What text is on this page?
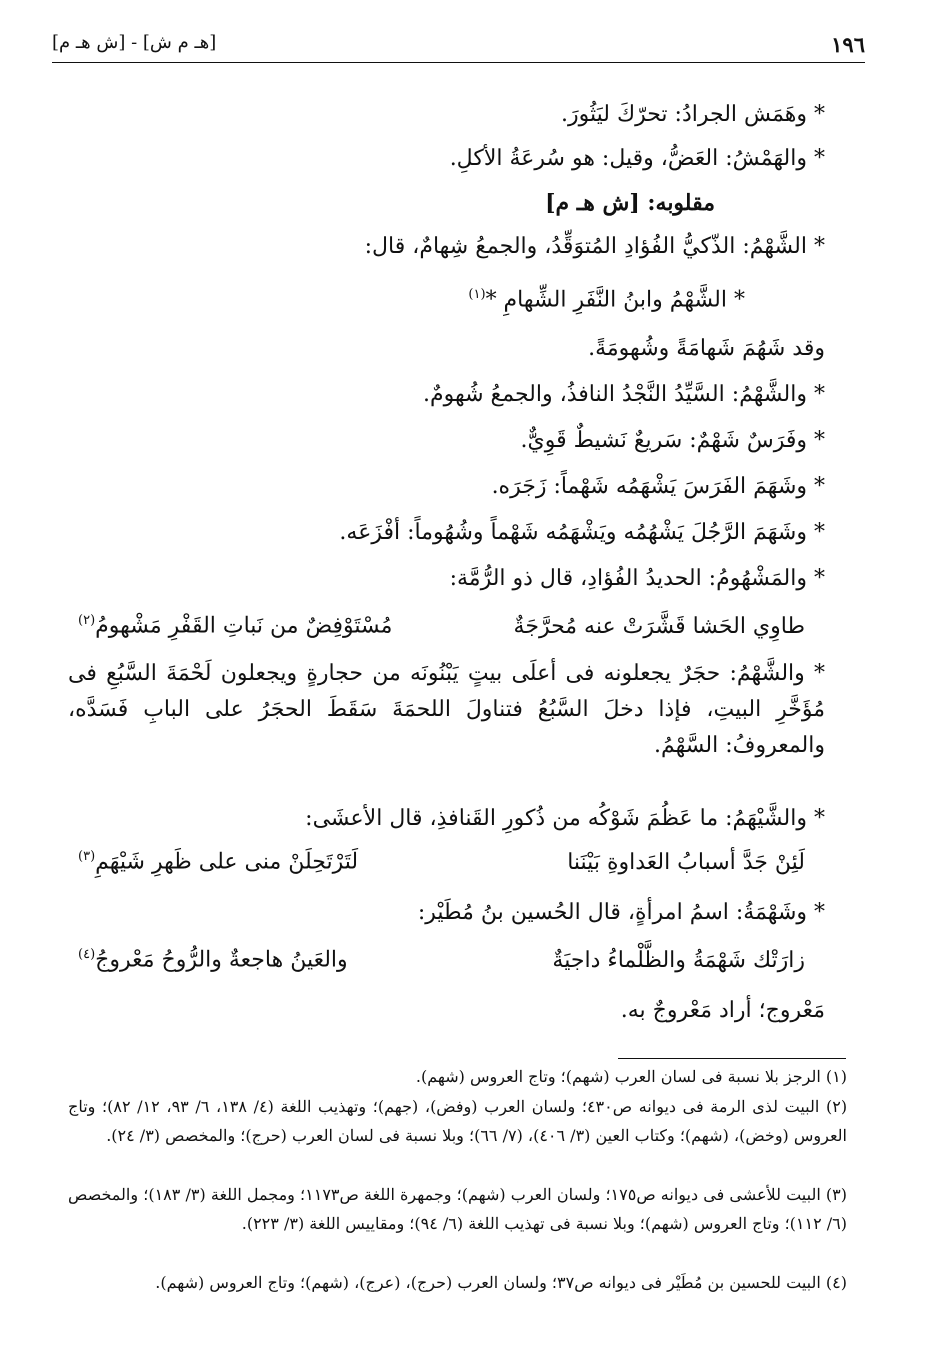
١٩٦
[هـ م ش] - [ش هـ م]
* وهَمَش الجرادُ: تحرّكَ ليَثُورَ.
* والهَمْشُ: العَضُّ، وقيل: هو سُرعَةُ الأكلِ.
مقلوبه: [ش هـ م]
* الشَّهْمُ: الذّكيُّ الفُؤادِ المُتوَقِّدُ، والجمعُ شِهامٌ، قال:
* الشَّهْمُ وابنُ النَّفَرِ الشِّهامِ *$^{(١)}$
وقد شَهُمَ شَهامَةً وشُهومَةً.
* والشَّهْمُ: السَّيِّدُ النَّجْدُ النافذُ، والجمعُ شُهومٌ.
* وفَرَسٌ شَهْمٌ: سَريعٌ نَشيطٌ قَوِيٌّ.
* وشَهَمَ الفَرَسَ يَشْهَمُه شَهْماً: زَجَرَه.
* وشَهَمَ الرَّجُلَ يَشْهُمُه ويَشْهَمُه شَهْماً وشُهُوماً: أفْزَعَه.
* والمَشْهُومُ: الحديدُ الفُؤادِ، قال ذو الرُّمَّة:
طاوِي الحَشا قَشَّرَتْ عنه مُحرَّجَةٌ
مُسْتَوْفِضٌ من نَباتِ القَفْرِ مَشْهومُ$^{(٢)}$
* والشَّهْمُ: حجَرٌ يجعلونه فى أعلَى بيتٍ يَبْنُونَه من حجارةٍ ويجعلون لَحْمَةَ السَّبُعِ فى مُؤَخَّرِ البيتِ، فإذا دخلَ السَّبُعُ فتناولَ اللحمَةَ سَقَطَ الحجَرُ على البابِ فَسَدَّه، والمعروفُ: السَّهْمُ.
* والشَّيْهَمُ: ما عَظُمَ شَوْكُه من ذُكورِ القَنافذِ، قال الأعشَى:
لَئِنْ جَدَّ أسبابُ العَداوةِ بَيْنَنا
لَتَرْتَحِلَنْ منى على ظَهرِ شَيْهَمِ$^{(٣)}$
* وشَهْمَةُ: اسمُ امرأةٍ، قال الحُسين بنُ مُطَيْر:
زارَتْك شَهْمَةُ والظَّلْماءُ داجيَةٌ
والعَينُ هاجعةٌ والرُّوحُ مَعْروجُ$^{(٤)}$
مَعْروج؛ أراد مَعْروجٌ به.
(١) الرجز بلا نسبة فى لسان العرب (شهم)؛ وتاج العروس (شهم).
(٢) البيت لذى الرمة فى ديوانه ص٤٣٠؛ ولسان العرب (وفض)، (جهم)؛ وتهذيب اللغة (٤/ ١٣٨، ٦/ ٩٣، ١٢/ ٨٢)؛ وتاج العروس (وخض)، (شهم)؛ وكتاب العين (٣/ ٤٠٦)، (٧/ ٦٦)؛ وبلا نسبة فى لسان العرب (حرج)؛ والمخصص (٣/ ٢٤).
(٣) البيت للأعشى فى ديوانه ص١٧٥؛ ولسان العرب (شهم)؛ وجمهرة اللغة ص١١٧٣؛ ومجمل اللغة (٣/ ١٨٣)؛ والمخصص (٦/ ١١٢)؛ وتاج العروس (شهم)؛ وبلا نسبة فى تهذيب اللغة (٦/ ٩٤)؛ ومقاييس اللغة (٣/ ٢٢٣).
(٤) البيت للحسين بن مُطَيْر فى ديوانه ص٣٧؛ ولسان العرب (حرج)، (عرج)، (شهم)؛ وتاج العروس (شهم).
